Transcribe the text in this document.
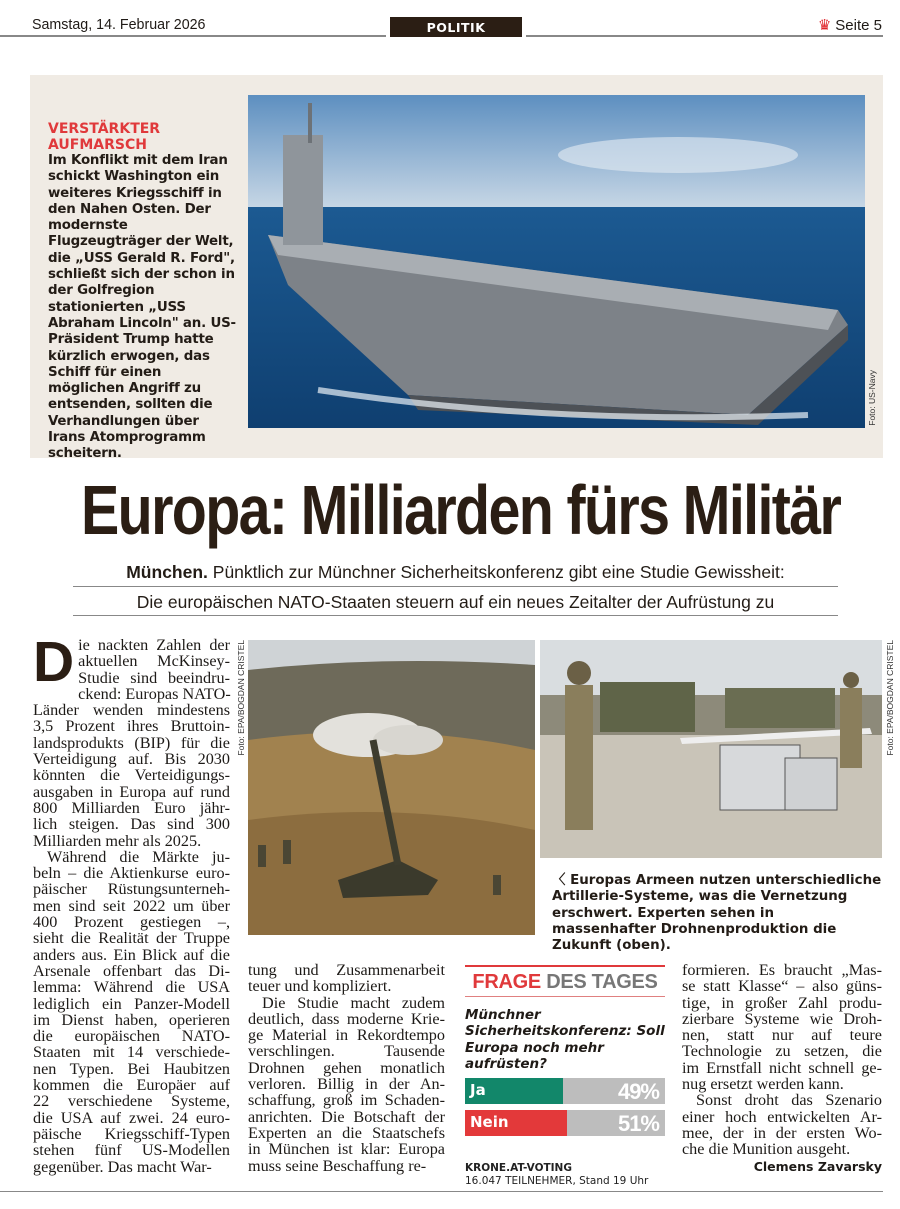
Samstag, 14. Februar 2026	POLITIK	♛ Seite 5
VERSTÄRKTER AUFMARSCH
Im Konflikt mit dem Iran schickt Washington ein weiteres Kriegsschiff in den Nahen Osten. Der modernste Flugzeugträger der Welt, die „USS Gerald R. Ford", schließt sich der schon in der Golfregion stationierten „USS Abraham Lincoln" an. US-Präsident Trump hatte kürzlich erwogen, das Schiff für einen möglichen Angriff zu entsenden, sollten die Verhandlungen über Irans Atomprogramm scheitern.
Foto: US-Navy
Europa: Milliarden fürs Militär
München. Pünktlich zur Münchner Sicherheitskonferenz gibt eine Studie Gewissheit:
Die europäischen NATO-Staaten steuern auf ein neues Zeitalter der Aufrüstung zu
D ie nackten Zahlen der
aktuellen McKinsey-
Studie sind beeindru-
ckend: Europas NATO-
Länder wenden mindestens
3,5 Prozent ihres Bruttoin-
landsprodukts (BIP) für die
Verteidigung auf. Bis 2030
könnten die Verteidigungs-
ausgaben in Europa auf rund
800 Milliarden Euro jähr-
lich steigen. Das sind 300
Milliarden mehr als 2025.
Während die Märkte ju-
beln – die Aktienkurse euro-
päischer Rüstungsunterneh-
men sind seit 2022 um über
400 Prozent gestiegen –,
sieht die Realität der Truppe
anders aus. Ein Blick auf die
Arsenale offenbart das Di-
lemma: Während die USA
lediglich ein Panzer-Modell
im Dienst haben, operieren
die europäischen NATO-
Staaten mit 14 verschiede-
nen Typen. Bei Haubitzen
kommen die Europäer auf
22 verschiedene Systeme,
die USA auf zwei. 24 euro-
päische Kriegsschiff-Typen
stehen fünf US-Modellen
gegenüber. Das macht War-
Foto: EPA/BOGDAN CRISTEL	Foto: EPA/BOGDAN CRISTEL
〈 Europas Armeen nutzen unterschiedliche Artillerie-Systeme, was die Vernetzung erschwert. Experten sehen in massenhafter Drohnenproduktion die Zukunft (oben).
tung und Zusammenarbeit
teuer und kompliziert.
Die Studie macht zudem
deutlich, dass moderne Krie-
ge Material in Rekordtempo
verschlingen. Tausende
Drohnen gehen monatlich
verloren. Billig in der An-
schaffung, groß im Schaden-
anrichten. Die Botschaft der
Experten an die Staatschefs
in München ist klar: Europa
muss seine Beschaffung re-
FRAGE DES TAGES
Münchner Sicherheitskonferenz: Soll Europa noch mehr aufrüsten?
Ja	49%
Nein	51%
KRONE.AT-VOTING
16.047 TEILNEHMER, Stand 19 Uhr
formieren. Es braucht „Mas-
se statt Klasse“ – also güns-
tige, in großer Zahl produ-
zierbare Systeme wie Droh-
nen, statt nur auf teure
Technologie zu setzen, die
im Ernstfall nicht schnell ge-
nug ersetzt werden kann.
Sonst droht das Szenario
einer hoch entwickelten Ar-
mee, der in der ersten Wo-
che die Munition ausgeht.
Clemens Zavarsky
